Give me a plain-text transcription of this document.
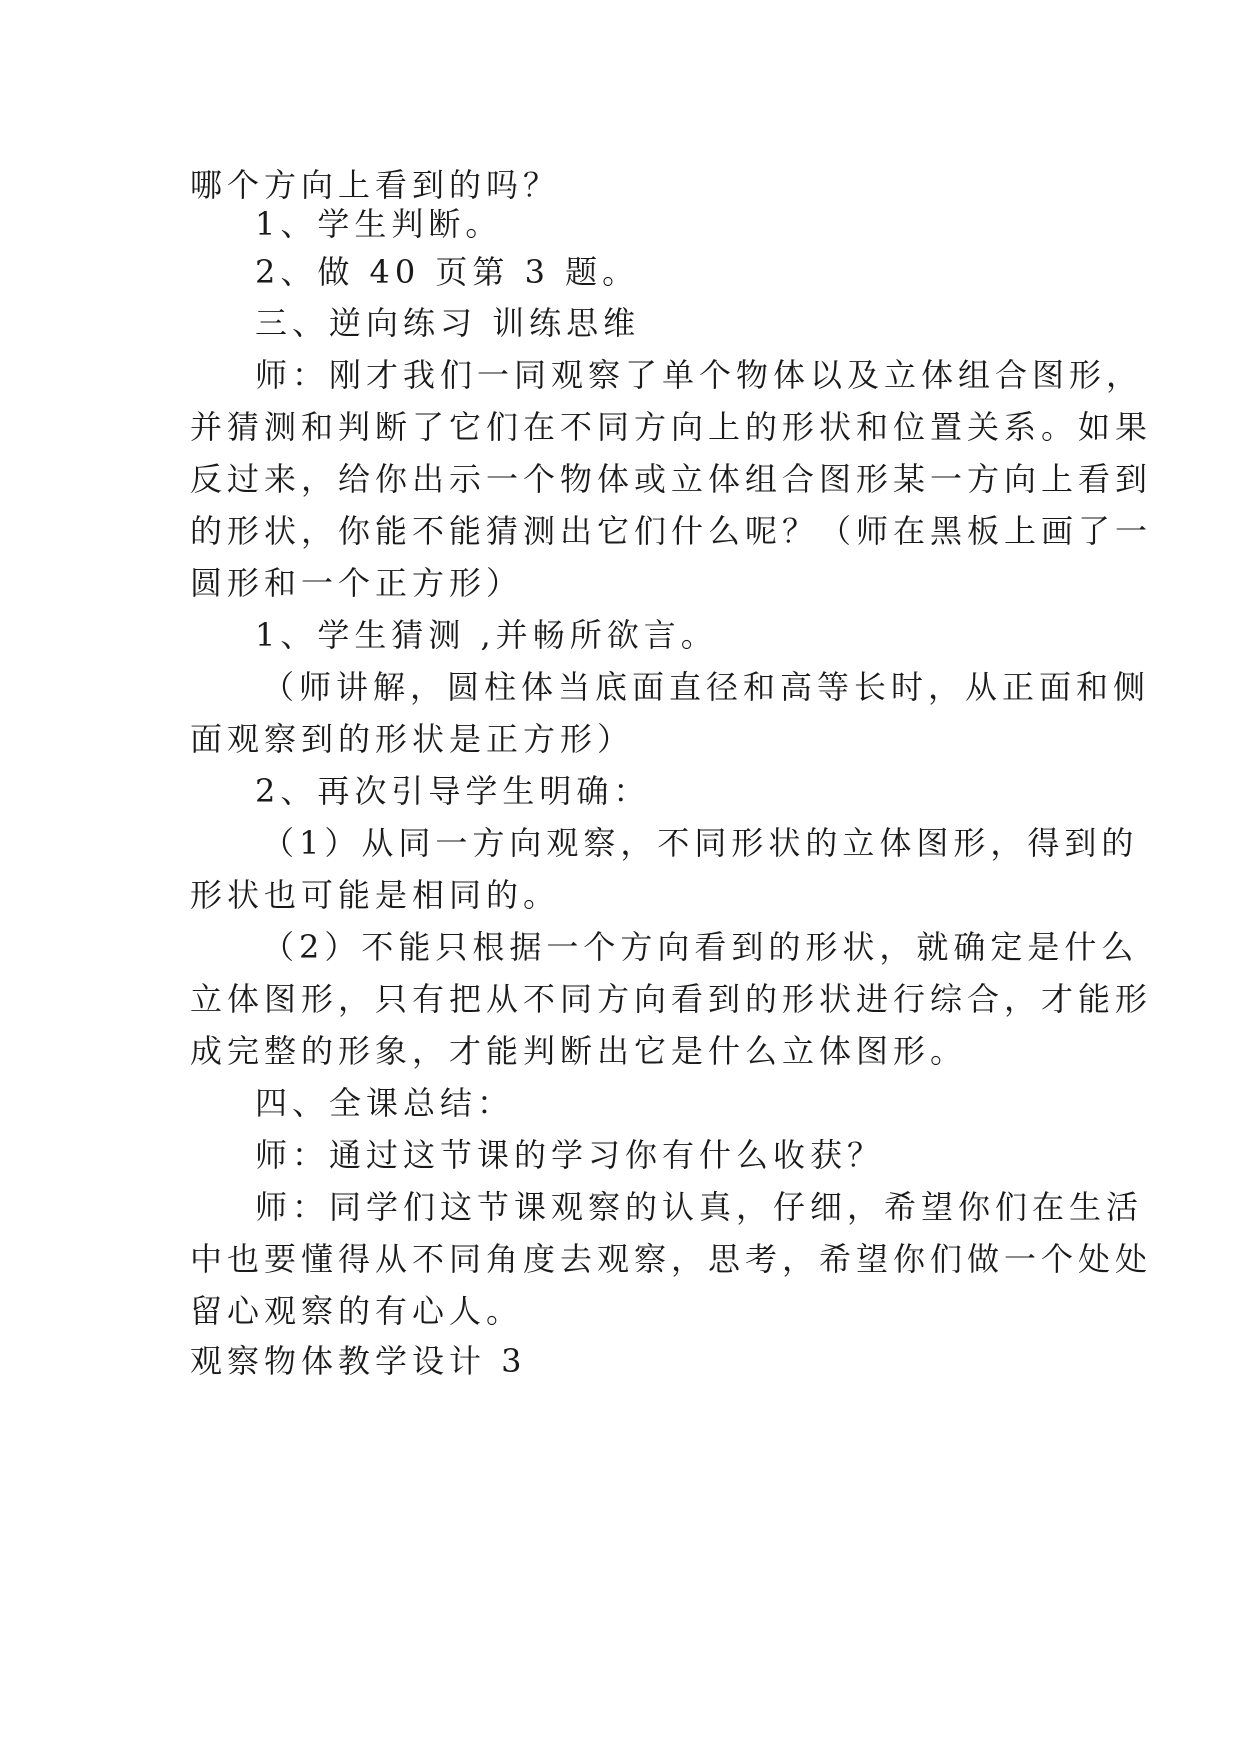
哪个方向上看到的吗？
1、学生判断。
2、做 40 页第 3 题。
三、逆向练习 训练思维
师：刚才我们一同观察了单个物体以及立体组合图形，
并猜测和判断了它们在不同方向上的形状和位置关系。如果
反过来，给你出示一个物体或立体组合图形某一方向上看到
的形状，你能不能猜测出它们什么呢？（师在黑板上画了一
圆形和一个正方形）
1、学生猜测 ,并畅所欲言。
（师讲解，圆柱体当底面直径和高等长时，从正面和侧
面观察到的形状是正方形）
2、再次引导学生明确：
（1）从同一方向观察，不同形状的立体图形，得到的
形状也可能是相同的。
（2）不能只根据一个方向看到的形状，就确定是什么
立体图形，只有把从不同方向看到的形状进行综合，才能形
成完整的形象，才能判断出它是什么立体图形。
四、全课总结：
师：通过这节课的学习你有什么收获？
师：同学们这节课观察的认真，仔细，希望你们在生活
中也要懂得从不同角度去观察，思考，希望你们做一个处处
留心观察的有心人。
观察物体教学设计 3
